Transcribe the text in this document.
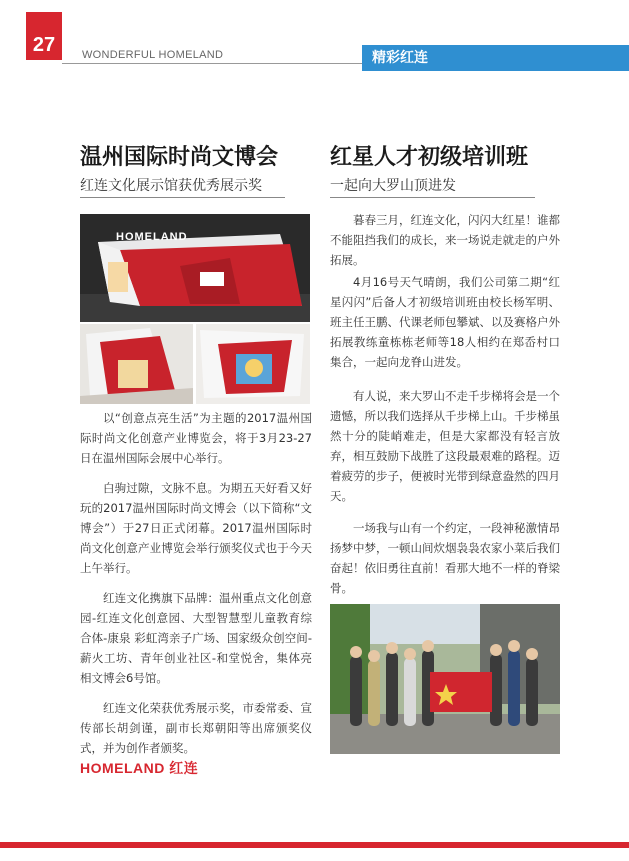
27	WONDERFUL HOMELAND	精彩红连
温州国际时尚文博会
红连文化展示馆获优秀展示奖
HOMELAND

以“创意点亮生活”为主题的2017温州国际时尚文化创意产业博览会，将于3月23-27日在温州国际会展中心举行。

白驹过隙，文脉不息。为期五天好看又好玩的2017温州国际时尚文博会（以下简称“文博会”）于27日正式闭幕。2017温州国际时尚文化创意产业博览会举行颁奖仪式也于今天上午举行。

红连文化携旗下品牌：温州重点文化创意园-红连文化创意园、大型智慧型儿童教育综合体-康泉 彩虹湾亲子广场、国家级众创空间-薪火工坊、青年创业社区-和堂悦舍，集体亮相文博会6号馆。

红连文化荣获优秀展示奖，市委常委、宣传部长胡剑谨，副市长郑朝阳等出席颁奖仪式，并为创作者颁奖。

HOMELAND 红连
红星人才初级培训班
一起向大罗山顶进发

暮春三月，红连文化，闪闪大红星！谁都不能阻挡我们的成长，来一场说走就走的户外拓展。

4月16号天气晴朗，我们公司第二期“红星闪闪”后备人才初级培训班由校长杨军明、班主任王鹏、代课老师包攀斌、以及赛格户外拓展教练童栋栋老师等18人相约在郑岙村口集合，一起向龙脊山进发。

有人说，来大罗山不走千步梯将会是一个遗憾，所以我们选择从千步梯上山。千步梯虽然十分的陡峭难走，但是大家都没有轻言放弃，相互鼓励下战胜了这段最艰难的路程。迈着疲劳的步子，便被时光带到绿意盎然的四月天。

一场我与山有一个约定，一段神秘激情昂扬梦中梦，一顿山间炊烟袅袅农家小菜后我们奋起！依旧勇往直前！看那大地不一样的脊梁骨。
